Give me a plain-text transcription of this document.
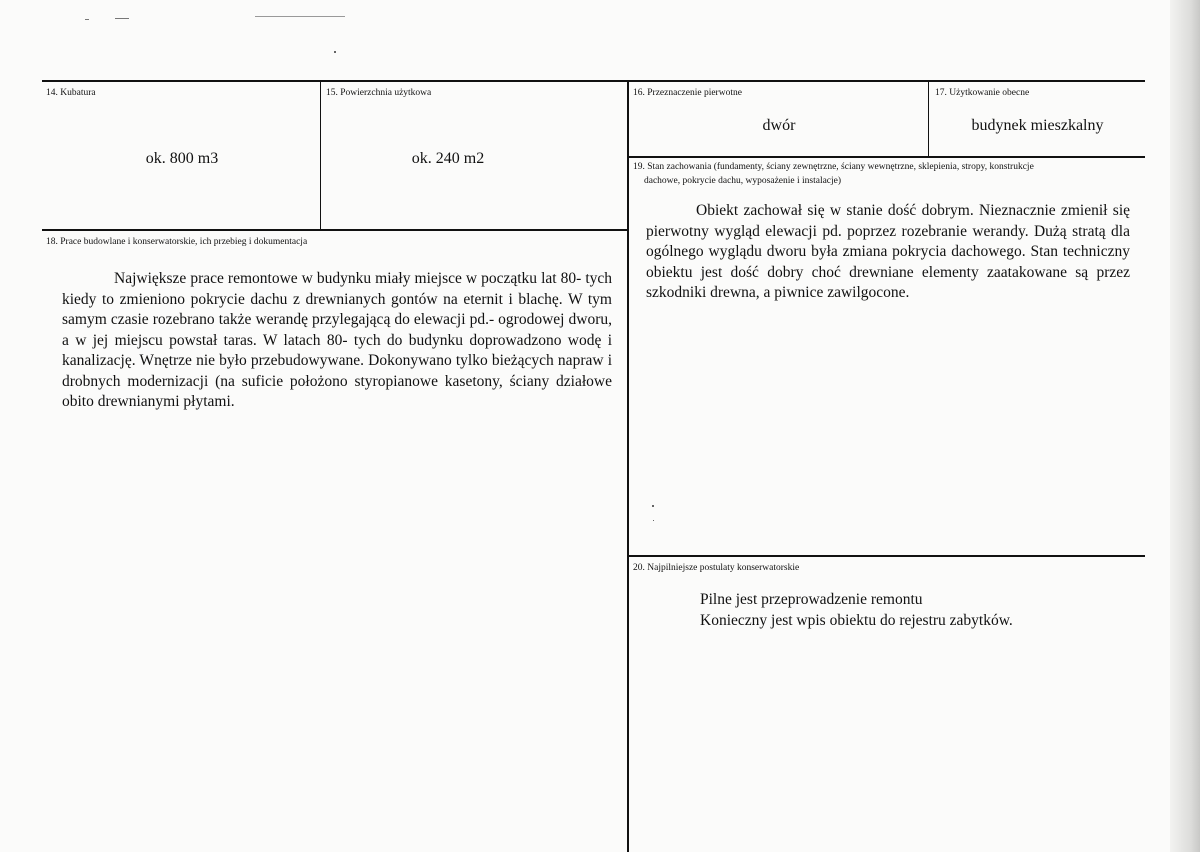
14. Kubatura
ok. 800 m3
15. Powierzchnia użytkowa
ok. 240 m2
16. Przeznaczenie pierwotne
dwór
17. Użytkowanie obecne
budynek mieszkalny
18. Prace budowlane i konserwatorskie, ich przebieg i dokumentacja
Największe prace remontowe w budynku miały miejsce w początku lat 80- tych kiedy to zmieniono pokrycie dachu z drewnianych gontów na eternit i blachę. W tym samym czasie rozebrano także werandę przylegającą do elewacji pd.- ogrodowej dworu, a w jej miejscu powstał taras. W latach 80- tych do budynku doprowadzono wodę i kanalizację. Wnętrze nie było przebudowywane. Dokonywano tylko bieżących napraw i drobnych modernizacji (na suficie położono styropianowe kasetony, ściany działowe obito drewnianymi płytami.
19. Stan zachowania (fundamenty, ściany zewnętrzne, ściany wewnętrzne, sklepienia, stropy, konstrukcje
dachowe, pokrycie dachu, wyposażenie i instalacje)
Obiekt zachował się w stanie dość dobrym. Nieznacznie zmienił się pierwotny wygląd elewacji pd. poprzez rozebranie werandy. Dużą stratą dla ogólnego wyglądu dworu była zmiana pokrycia dachowego. Stan techniczny obiektu jest dość dobry choć drewniane elementy zaatakowane są przez szkodniki drewna, a piwnice zawilgocone.
20. Najpilniejsze postulaty konserwatorskie

Pilne jest przeprowadzenie remontu

Konieczny jest wpis obiektu do rejestru zabytków.
